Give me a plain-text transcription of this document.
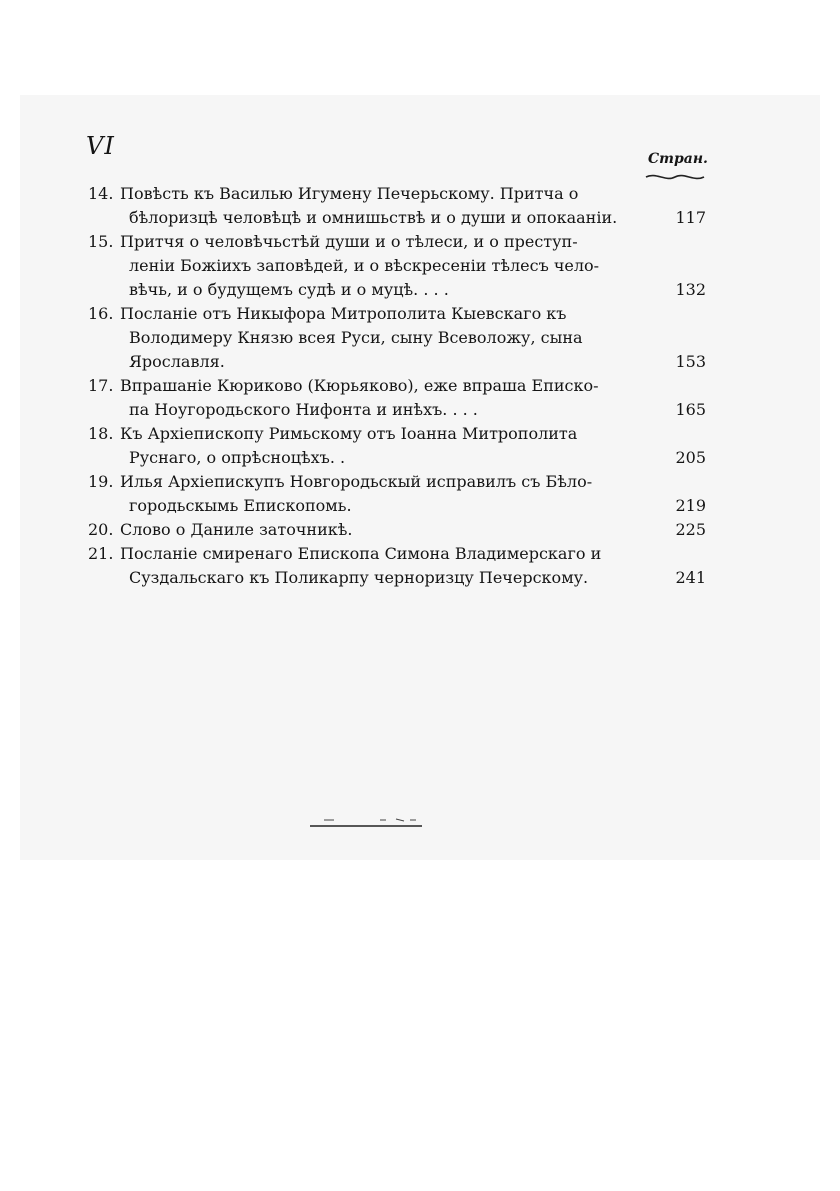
VI	Стран.
14. Повѣсть къ Василью Игумену Печерьскому. Притча о
бѣлоризцѣ человѣцѣ и омнишьствѣ и о души и опокааніи.	117
15. Притчя о человѣчьстѣй души и о тѣлеси, и о преступ-
леніи Божіихъ заповѣдей, и о вѣскресеніи тѣлесъ чело-
вѣчь, и о будущемъ судѣ и о муцѣ. . . .	132
16. Посланіе отъ Никыфора Митрополита Кыевскаго къ
Володимеру Князю всея Руси, сыну Всеволожу, сына
Ярославля.	153
17. Впрашаніе Кюриково (Кюрьяково), еже впраша Еписко-
па Ноугородьского Нифонта и инѣхъ. . . .	165
18. Къ Архіепископу Римьскому отъ Іоанна Митрополита
Руснаго, о опрѣсноцѣхъ. .	205
19. Илья Архіепискупъ Новгородьскый исправилъ съ Бѣло-
городьскымь Епископомь.	219
20. Слово о Даниле заточникѣ.	225
21. Посланіе смиренаго Епископа Симона Владимерскаго и
Суздальскаго къ Поликарпу черноризцу Печерскому.	241
